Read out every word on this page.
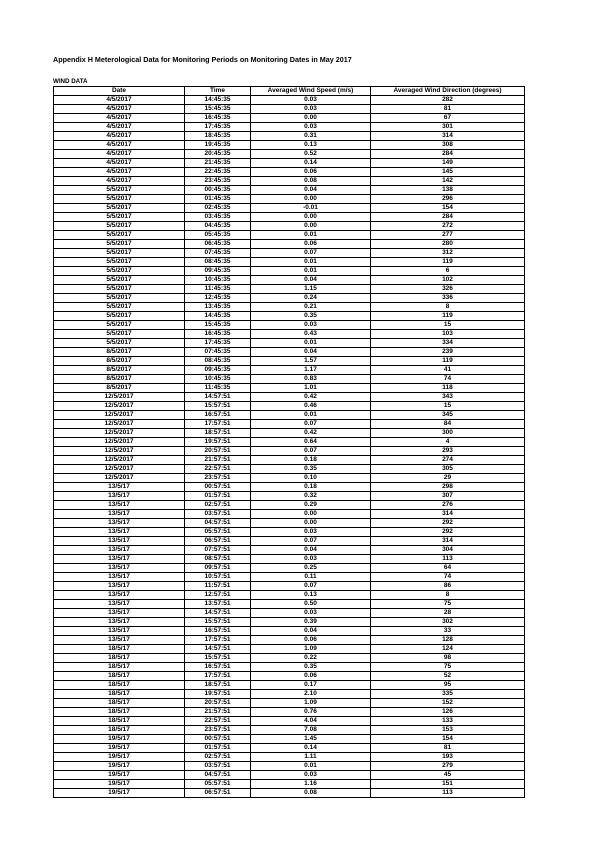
Appendix H Meterological Data for Monitoring Periods on Monitoring Dates in May 2017
WIND DATA
Date	Time	Averaged Wind Speed (m/s)	Averaged Wind Direction (degrees)
4/5/2017	14:45:35	0.03	282
4/5/2017	15:45:35	0.03	81
4/5/2017	16:45:35	0.00	67
4/5/2017	17:45:35	0.03	301
4/5/2017	18:45:35	0.31	314
4/5/2017	19:45:35	0.13	308
4/5/2017	20:45:35	0.52	284
4/5/2017	21:45:35	0.14	149
4/5/2017	22:45:35	0.06	145
4/5/2017	23:45:35	0.08	142
5/5/2017	00:45:35	0.04	138
5/5/2017	01:45:35	0.00	296
5/5/2017	02:45:35	-0.01	154
5/5/2017	03:45:35	0.00	284
5/5/2017	04:45:35	0.00	272
5/5/2017	05:45:35	0.01	277
5/5/2017	06:45:35	0.06	280
5/5/2017	07:45:35	0.07	312
5/5/2017	08:45:35	0.01	119
5/5/2017	09:45:35	0.01	6
5/5/2017	10:45:35	0.04	102
5/5/2017	11:45:35	1.15	326
5/5/2017	12:45:35	0.24	336
5/5/2017	13:45:35	0.21	8
5/5/2017	14:45:35	0.35	119
5/5/2017	15:45:35	0.03	15
5/5/2017	16:45:35	0.43	103
5/5/2017	17:45:35	0.01	334
8/5/2017	07:45:35	0.04	239
8/5/2017	08:45:35	1.57	119
8/5/2017	09:45:35	1.17	41
8/5/2017	10:45:35	0.83	74
8/5/2017	11:45:35	1.01	118
12/5/2017	14:57:51	0.42	343
12/5/2017	15:57:51	0.46	15
12/5/2017	16:57:51	0.01	345
12/5/2017	17:57:51	0.07	84
12/5/2017	18:57:51	0.42	300
12/5/2017	19:57:51	0.64	4
12/5/2017	20:57:51	0.07	293
12/5/2017	21:57:51	0.18	274
12/5/2017	22:57:51	0.35	305
12/5/2017	23:57:51	0.10	29
13/5/17	00:57:51	0.18	298
13/5/17	01:57:51	0.32	307
13/5/17	02:57:51	0.29	276
13/5/17	03:57:51	0.00	314
13/5/17	04:57:51	0.00	292
13/5/17	05:57:51	0.03	292
13/5/17	06:57:51	0.07	314
13/5/17	07:57:51	0.04	304
13/5/17	08:57:51	0.03	113
13/5/17	09:57:51	0.25	64
13/5/17	10:57:51	0.11	74
13/5/17	11:57:51	0.07	86
13/5/17	12:57:51	0.13	8
13/5/17	13:57:51	0.50	75
13/5/17	14:57:51	0.03	28
13/5/17	15:57:51	0.39	302
13/5/17	16:57:51	0.04	33
13/5/17	17:57:51	0.06	128
18/5/17	14:57:51	1.09	124
18/5/17	15:57:51	0.22	98
18/5/17	16:57:51	0.35	75
18/5/17	17:57:51	0.06	52
18/5/17	18:57:51	0.17	95
18/5/17	19:57:51	2.10	335
18/5/17	20:57:51	1.09	152
18/5/17	21:57:51	0.76	126
18/5/17	22:57:51	4.04	133
18/5/17	23:57:51	7.08	153
19/5/17	00:57:51	1.45	154
19/5/17	01:57:51	0.14	81
19/5/17	02:57:51	1.11	193
19/5/17	03:57:51	0.01	279
19/5/17	04:57:51	0.03	45
19/5/17	05:57:51	1.16	151
19/5/17	06:57:51	0.08	113
